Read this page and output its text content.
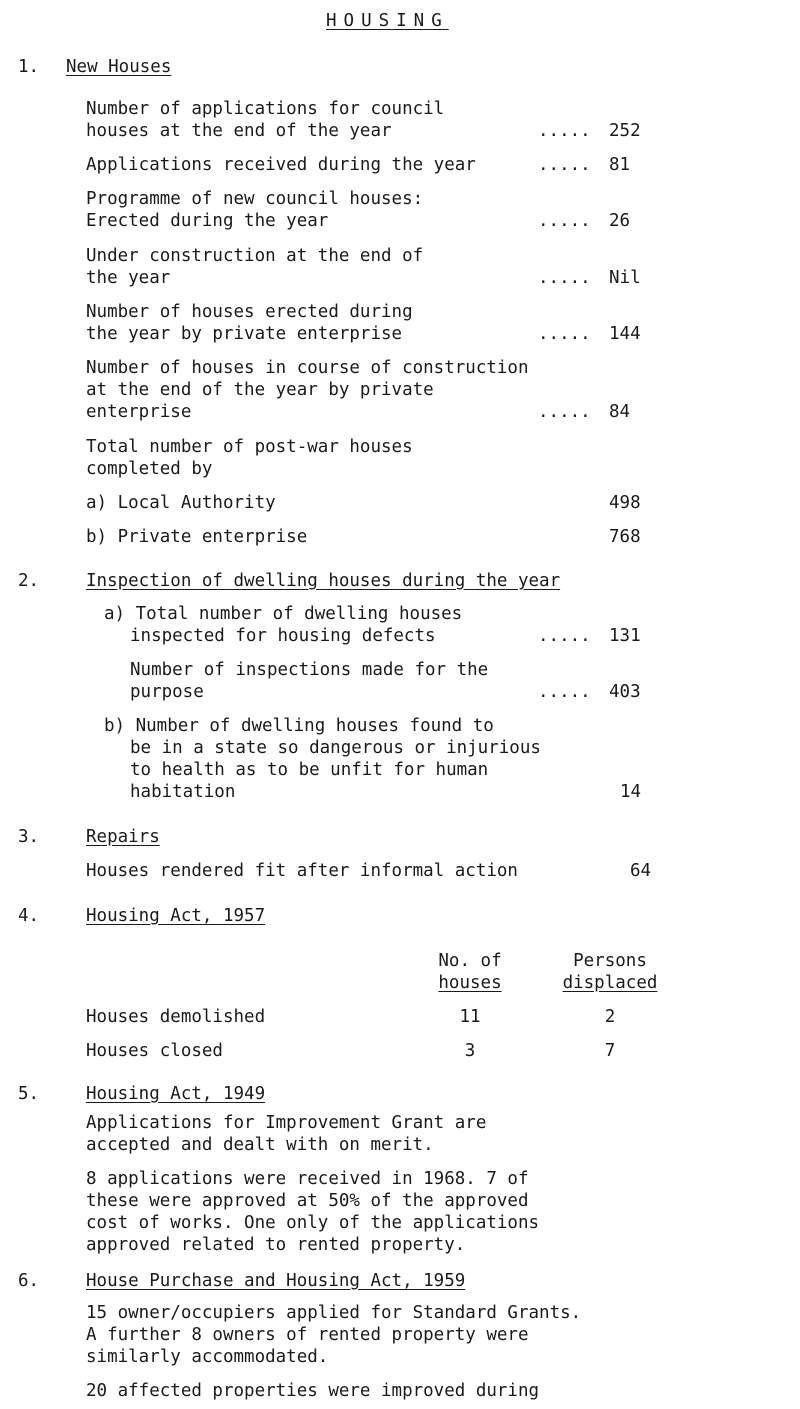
HOUSING
1. New Houses
Number of applications for council
houses at the end of the year	..... 252
Applications received during the year	..... 81
Programme of new council houses:
Erected during the year	..... 26
Under construction at the end of
the year	..... Nil
Number of houses erected during
the year by private enterprise	..... 144
Number of houses in course of construction
at the end of the year by private
enterprise	..... 84
Total number of post-war houses
completed by
a) Local Authority	498
b) Private enterprise	768
2.	Inspection of dwelling houses during the year
a) Total number of dwelling houses
inspected for housing defects	..... 131
Number of inspections made for the
purpose	..... 403
b) Number of dwelling houses found to
be in a state so dangerous or injurious
to health as to be unfit for human
habitation	14
3.	Repairs
Houses rendered fit after informal action	64
4.	Housing Act, 1957
No. of
houses
Persons
displaced
Houses demolished	11	2
Houses closed	3	7
5.	Housing Act, 1949
Applications for Improvement Grant are
accepted and dealt with on merit.
8 applications were received in 1968. 7 of
these were approved at 50% of the approved
cost of works. One only of the applications
approved related to rented property.
6.	House Purchase and Housing Act, 1959
15 owner/occupiers applied for Standard Grants.
A further 8 owners of rented property were
similarly accommodated.
20 affected properties were improved during
